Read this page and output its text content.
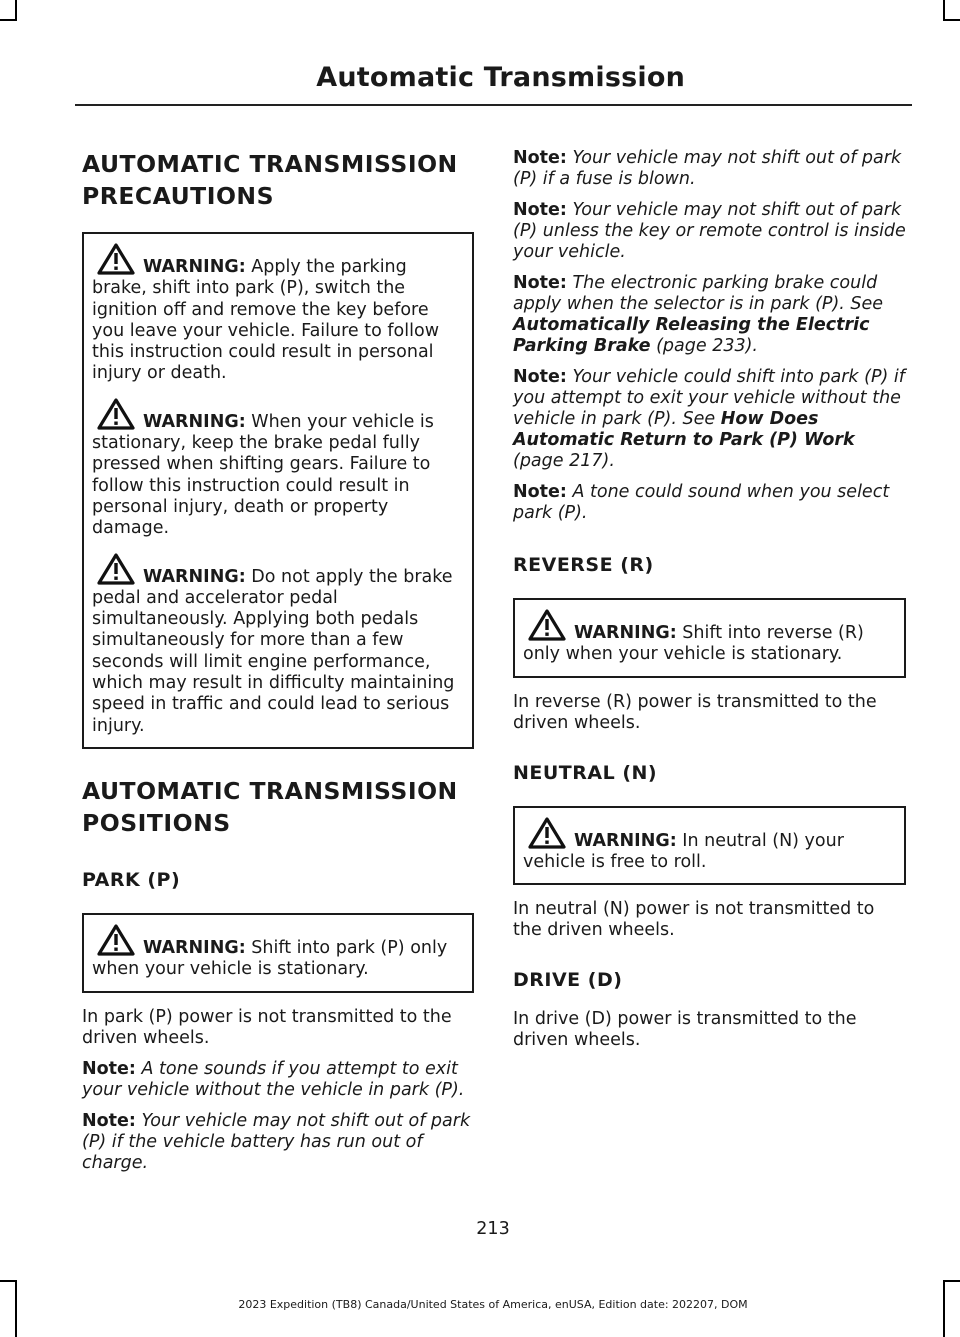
Automatic Transmission
AUTOMATIC TRANSMISSION
PRECAUTIONS
WARNING: Apply the parking brake, shift into park (P), switch the ignition off and remove the key before you leave your vehicle. Failure to follow this instruction could result in personal injury or death.
WARNING: When your vehicle is stationary, keep the brake pedal fully pressed when shifting gears. Failure to follow this instruction could result in personal injury, death or property damage.
WARNING: Do not apply the brake pedal and accelerator pedal simultaneously. Applying both pedals simultaneously for more than a few seconds will limit engine performance, which may result in difficulty maintaining speed in traffic and could lead to serious injury.
AUTOMATIC TRANSMISSION
POSITIONS
PARK (P)
WARNING: Shift into park (P) only when your vehicle is stationary.

In park (P) power is not transmitted to the driven wheels.

Note: A tone sounds if you attempt to exit your vehicle without the vehicle in park (P).

Note: Your vehicle may not shift out of park (P) if the vehicle battery has run out of charge.

Note: Your vehicle may not shift out of park (P) if a fuse is blown.

Note: Your vehicle may not shift out of park (P) unless the key or remote control is inside your vehicle.

Note: The electronic parking brake could apply when the selector is in park (P). See Automatically Releasing the Electric Parking Brake (page 233).

Note: Your vehicle could shift into park (P) if you attempt to exit your vehicle without the vehicle in park (P). See How Does Automatic Return to Park (P) Work (page 217).

Note: A tone could sound when you select park (P).

REVERSE (R)
WARNING: Shift into reverse (R) only when your vehicle is stationary.

In reverse (R) power is transmitted to the driven wheels.

NEUTRAL (N)
WARNING: In neutral (N) your vehicle is free to roll.

In neutral (N) power is not transmitted to the driven wheels.

DRIVE (D)

In drive (D) power is transmitted to the driven wheels.

213
2023 Expedition (TB8) Canada/United States of America, enUSA, Edition date: 202207, DOM
